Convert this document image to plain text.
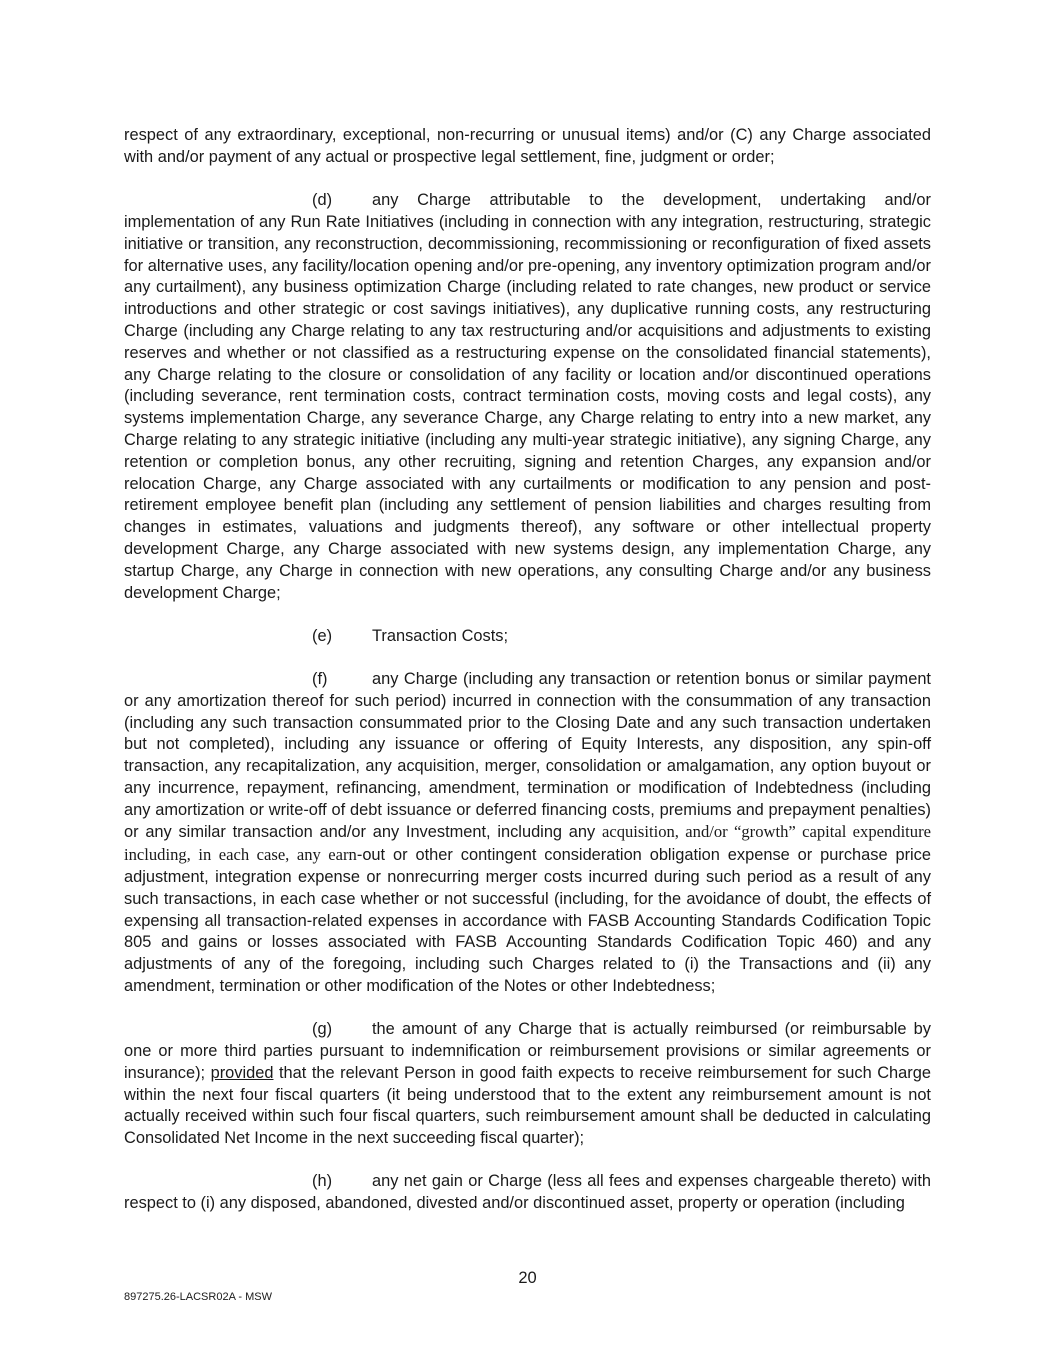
respect of any extraordinary, exceptional, non-recurring or unusual items) and/or (C) any Charge associated with and/or payment of any actual or prospective legal settlement, fine, judgment or order;

(d) any Charge attributable to the development, undertaking and/or implementation of any Run Rate Initiatives (including in connection with any integration, restructuring, strategic initiative or transition, any reconstruction, decommissioning, recommissioning or reconfiguration of fixed assets for alternative uses, any facility/location opening and/or pre-opening, any inventory optimization program and/or any curtailment), any business optimization Charge (including related to rate changes, new product or service introductions and other strategic or cost savings initiatives), any duplicative running costs, any restructuring Charge (including any Charge relating to any tax restructuring and/or acquisitions and adjustments to existing reserves and whether or not classified as a restructuring expense on the consolidated financial statements), any Charge relating to the closure or consolidation of any facility or location and/or discontinued operations (including severance, rent termination costs, contract termination costs, moving costs and legal costs), any systems implementation Charge, any severance Charge, any Charge relating to entry into a new market, any Charge relating to any strategic initiative (including any multi-year strategic initiative), any signing Charge, any retention or completion bonus, any other recruiting, signing and retention Charges, any expansion and/or relocation Charge, any Charge associated with any curtailments or modification to any pension and post-retirement employee benefit plan (including any settlement of pension liabilities and charges resulting from changes in estimates, valuations and judgments thereof), any software or other intellectual property development Charge, any Charge associated with new systems design, any implementation Charge, any startup Charge, any Charge in connection with new operations, any consulting Charge and/or any business development Charge;

(e) Transaction Costs;

(f)	any Charge (including any transaction or retention bonus or similar payment or any amortization thereof for such period) incurred in connection with the consummation of any transaction (including any such transaction consummated prior to the Closing Date and any such transaction undertaken but not completed), including any issuance or offering of Equity Interests, any disposition, any spin-off transaction, any recapitalization, any acquisition, merger, consolidation or amalgamation, any option buyout or any incurrence, repayment, refinancing, amendment, termination or modification of Indebtedness (including any amortization or write-off of debt issuance or deferred financing costs, premiums and prepayment penalties) or any similar transaction and/or any Investment, including any acquisition, and/or “growth” capital expenditure including, in each case, any earn-out or other contingent consideration obligation expense or purchase price adjustment, integration expense or nonrecurring merger costs incurred during such period as a result of any such transactions, in each case whether or not successful (including, for the avoidance of doubt, the effects of expensing all transaction-related expenses in accordance with FASB Accounting Standards Codification Topic 805 and gains or losses associated with FASB Accounting Standards Codification Topic 460) and any adjustments of any of the foregoing, including such Charges related to (i) the Transactions and (ii) any amendment, termination or other modification of the Notes or other Indebtedness;

(g) the amount of any Charge that is actually reimbursed (or reimbursable by one or more third parties pursuant to indemnification or reimbursement provisions or similar agreements or insurance); provided that the relevant Person in good faith expects to receive reimbursement for such Charge within the next four fiscal quarters (it being understood that to the extent any reimbursement amount is not actually received within such four fiscal quarters, such reimbursement amount shall be deducted in calculating Consolidated Net Income in the next succeeding fiscal quarter);

(h) any net gain or Charge (less all fees and expenses chargeable thereto) with respect to (i) any disposed, abandoned, divested and/or discontinued asset, property or operation (including

20
897275.26-LACSR02A - MSW
